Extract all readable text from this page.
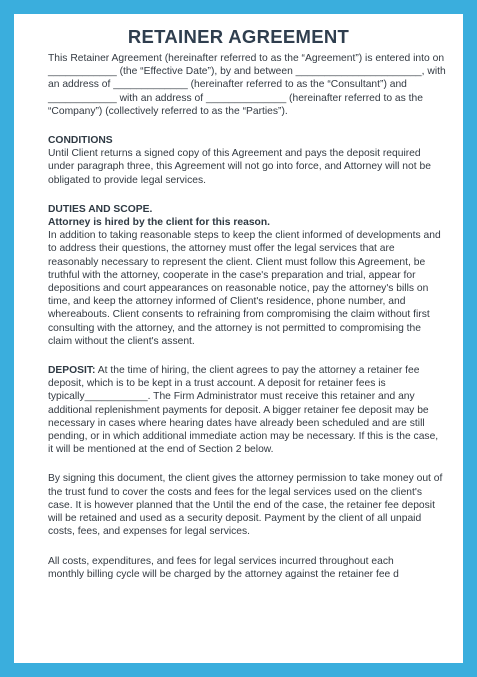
RETAINER AGREEMENT

This Retainer Agreement (hereinafter referred to as the “Agreement”) is entered into on ____________ (the “Effective Date”), by and between ______________________, with an address of _____________ (hereinafter referred to as the “Consultant”) and ____________ with an address of ______________ (hereinafter referred to as the “Company”) (collectively referred to as the “Parties”).

CONDITIONS
Until Client returns a signed copy of this Agreement and pays the deposit required under paragraph three, this Agreement will not go into force, and Attorney will not be obligated to provide legal services.
DUTIES AND SCOPE.
Attorney is hired by the client for this reason.
In addition to taking reasonable steps to keep the client informed of developments and to address their questions, the attorney must offer the legal services that are reasonably necessary to represent the client. Client must follow this Agreement, be truthful with the attorney, cooperate in the case's preparation and trial, appear for depositions and court appearances on reasonable notice, pay the attorney's bills on time, and keep the attorney informed of Client's residence, phone number, and whereabouts. Client consents to refraining from compromising the claim without first consulting with the attorney, and the attorney is not permitted to compromising the claim without the client's assent.

DEPOSIT: At the time of hiring, the client agrees to pay the attorney a retainer fee deposit, which is to be kept in a trust account. A deposit for retainer fees is typically___________. The Firm Administrator must receive this retainer and any additional replenishment payments for deposit. A bigger retainer fee deposit may be necessary in cases where hearing dates have already been scheduled and are still pending, or in which additional immediate action may be necessary. If this is the case, it will be mentioned at the end of Section 2 below.

By signing this document, the client gives the attorney permission to take money out of the trust fund to cover the costs and fees for the legal services used on the client's case. It is however planned that the Until the end of the case, the retainer fee deposit will be retained and used as a security deposit. Payment by the client of all unpaid costs, fees, and expenses for legal services.

All costs, expenditures, and fees for legal services incurred throughout each
monthly billing cycle will be charged by the attorney against the retainer fee d
